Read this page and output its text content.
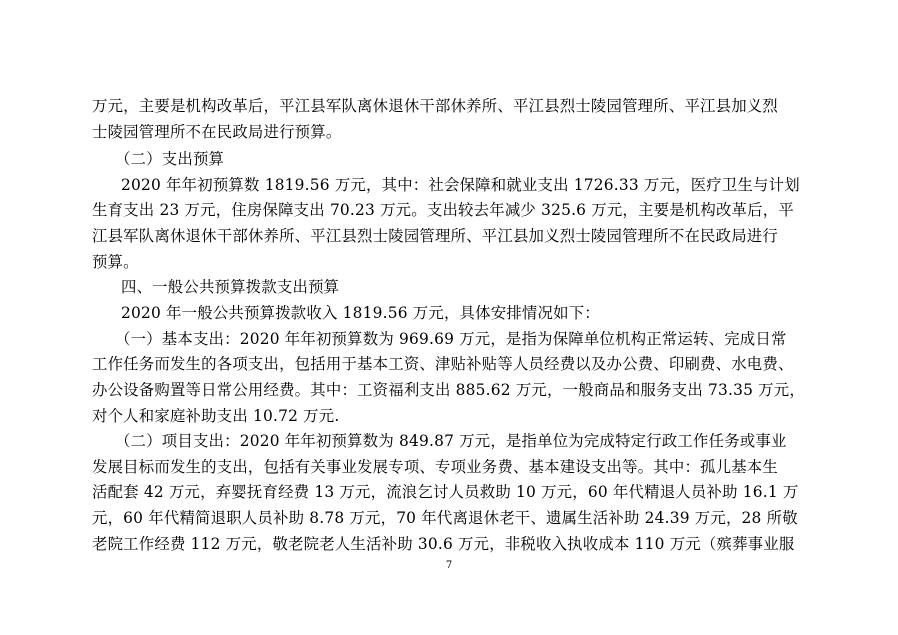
万元，主要是机构改革后，平江县军队离休退休干部休养所、平江县烈士陵园管理所、平江县加义烈
士陵园管理所不在民政局进行预算。
（二）支出预算
2020 年年初预算数 1819.56 万元，其中：社会保障和就业支出 1726.33 万元，医疗卫生与计划
生育支出 23 万元，住房保障支出 70.23 万元。支出较去年减少 325.6 万元，主要是机构改革后，平
江县军队离休退休干部休养所、平江县烈士陵园管理所、平江县加义烈士陵园管理所不在民政局进行
预算。
四、一般公共预算拨款支出预算
2020 年一般公共预算拨款收入 1819.56 万元，具体安排情况如下：
（一）基本支出：2020 年年初预算数为 969.69 万元，是指为保障单位机构正常运转、完成日常
工作任务而发生的各项支出，包括用于基本工资、津贴补贴等人员经费以及办公费、印刷费、水电费、
办公设备购置等日常公用经费。其中：工资福利支出 885.62 万元，一般商品和服务支出 73.35 万元，
对个人和家庭补助支出 10.72 万元.
（二）项目支出：2020 年年初预算数为 849.87 万元，是指单位为完成特定行政工作任务或事业
发展目标而发生的支出，包括有关事业发展专项、专项业务费、基本建设支出等。其中：孤儿基本生
活配套 42 万元，弃婴抚育经费 13 万元，流浪乞讨人员救助 10 万元，60 年代精退人员补助 16.1 万
元，60 年代精简退职人员补助 8.78 万元，70 年代离退休老干、遗属生活补助 24.39 万元，28 所敬
老院工作经费 112 万元，敬老院老人生活补助 30.6 万元，非税收入执收成本 110 万元（殡葬事业服
7
